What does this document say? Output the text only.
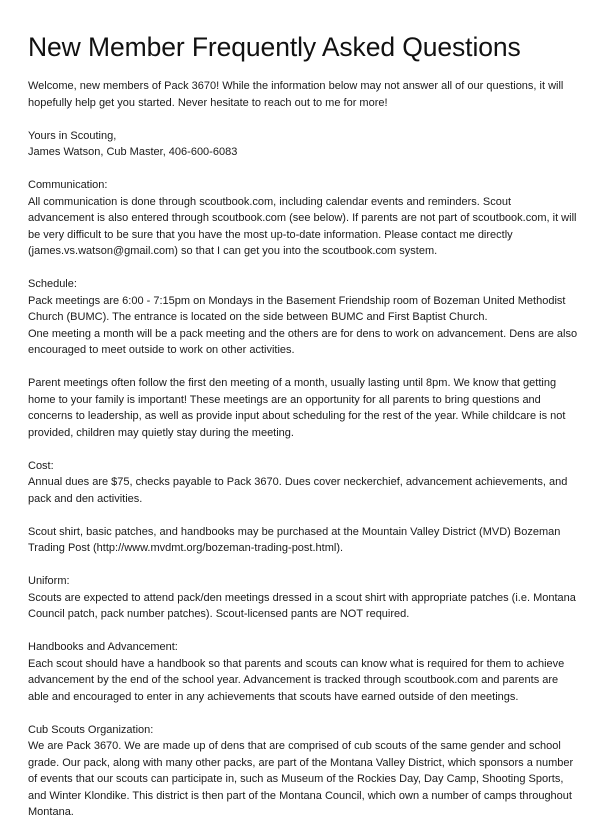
New Member Frequently Asked Questions
Welcome, new members of Pack 3670! While the information below may not answer all of our questions, it will
hopefully help get you started. Never hesitate to reach out to me for more!
Yours in Scouting,
James Watson, Cub Master, 406-600-6083
Communication:
All communication is done through scoutbook.com, including calendar events and reminders. Scout
advancement is also entered through scoutbook.com (see below). If parents are not part of scoutbook.com, it will
be very difficult to be sure that you have the most up-to-date information. Please contact me directly
(james.vs.watson@gmail.com) so that I can get you into the scoutbook.com system.
Schedule:
Pack meetings are 6:00 - 7:15pm on Mondays in the Basement Friendship room of Bozeman United Methodist
Church (BUMC). The entrance is located on the side between BUMC and First Baptist Church.
One meeting a month will be a pack meeting and the others are for dens to work on advancement. Dens are also
encouraged to meet outside to work on other activities.
Parent meetings often follow the first den meeting of a month, usually lasting until 8pm. We know that getting
home to your family is important! These meetings are an opportunity for all parents to bring questions and
concerns to leadership, as well as provide input about scheduling for the rest of the year. While childcare is not
provided, children may quietly stay during the meeting.
Cost:
Annual dues are $75, checks payable to Pack 3670. Dues cover neckerchief, advancement achievements, and
pack and den activities.
Scout shirt, basic patches, and handbooks may be purchased at the Mountain Valley District (MVD) Bozeman
Trading Post (http://www.mvdmt.org/bozeman-trading-post.html).
Uniform:
Scouts are expected to attend pack/den meetings dressed in a scout shirt with appropriate patches (i.e. Montana
Council patch, pack number patches). Scout-licensed pants are NOT required.
Handbooks and Advancement:
Each scout should have a handbook so that parents and scouts can know what is required for them to achieve
advancement by the end of the school year. Advancement is tracked through scoutbook.com and parents are
able and encouraged to enter in any achievements that scouts have earned outside of den meetings.
Cub Scouts Organization:
We are Pack 3670. We are made up of dens that are comprised of cub scouts of the same gender and school
grade. Our pack, along with many other packs, are part of the Montana Valley District, which sponsors a number
of events that our scouts can participate in, such as Museum of the Rockies Day, Day Camp, Shooting Sports,
and Winter Klondike. This district is then part of the Montana Council, which own a number of camps throughout
Montana.
